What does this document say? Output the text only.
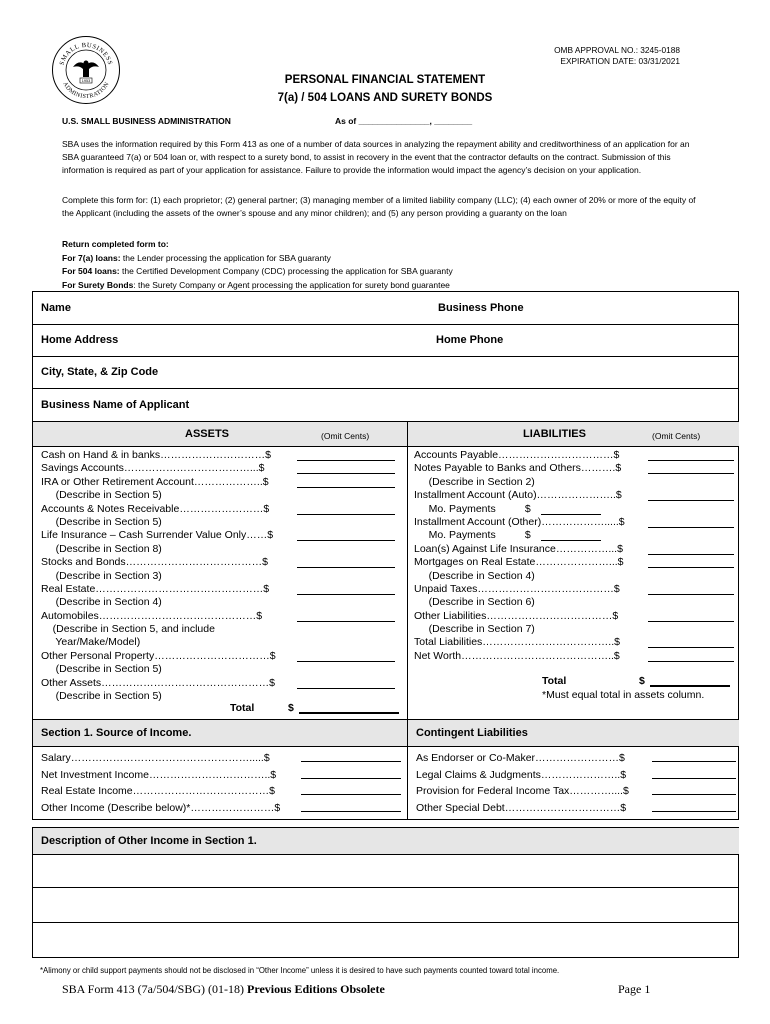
SMALL BUSINESS
ADMINISTRATION
1953
OMB APPROVAL NO.: 3245-0188
EXPIRATION DATE: 03/31/2021
PERSONAL FINANCIAL STATEMENT
7(a) / 504 LOANS AND SURETY BONDS
U.S. SMALL BUSINESS ADMINISTRATION	As of _______________, ________
SBA uses the information required by this Form 413 as one of a number of data sources in analyzing the repayment ability and creditworthiness of an application for an SBA guaranteed 7(a) or 504 loan or, with respect to a surety bond, to assist in recovery in the event that the contractor defaults on the contract. Submission of this information is required as part of your application for assistance. Failure to provide the information would impact the agency’s decision on your application.
Complete this form for: (1) each proprietor; (2) general partner; (3) managing member of a limited liability company (LLC); (4) each owner of 20% or more of the equity of the Applicant (including the assets of the owner’s spouse and any minor children); and (5) any person providing a guaranty on the loan
Return completed form to:
For 7(a) loans: the Lender processing the application for SBA guaranty
For 504 loans: the Certified Development Company (CDC) processing the application for SBA guaranty
For Surety Bonds: the Surety Company or Agent processing the application for surety bond guarantee
Name	Business Phone
Home Address	Home Phone
City, State, & Zip Code
Business Name of Applicant
ASSETS	(Omit Cents)	LIABILITIES	(Omit Cents)
Cash on Hand & in banks…………………………$
Savings Accounts………………………………...$
IRA or Other Retirement Account………………..$
(Describe in Section 5)
Accounts & Notes Receivable……………………$
(Describe in Section 5)
Life Insurance – Cash Surrender Value Only……$
(Describe in Section 8)
Stocks and Bonds…………………………………$
(Describe in Section 3)
Real Estate…………………………………………$
(Describe in Section 4)
Automobiles………………………………………$
(Describe in Section 5, and include
Year/Make/Model)
Other Personal Property……………………………$
(Describe in Section 5)
Other Assets…………………………………………$
(Describe in Section 5)
Accounts Payable……………………………$
Notes Payable to Banks and Others……….$
(Describe in Section 2)
Installment Account (Auto)…………………..$
Mo. Payments          $
Installment Account (Other)……………….....$
Mo. Payments          $
Loan(s) Against Life Insurance……………...$
Mortgages on Real Estate…………………...$
(Describe in Section 4)
Unpaid Taxes…………………………………$
(Describe in Section 6)
Other Liabilities………………………………$
(Describe in Section 7)
Total Liabilities………………………………..$
Net Worth……………………………………..$
Total	$
Total	$
*Must equal total in assets column.
Section 1. Source of Income.	Contingent Liabilities
Salary…………………………………………….....$
Net Investment Income……………………………..$
Real Estate Income…………………………………$
Other Income (Describe below)*……………………$
As Endorser or Co-Maker……………………$
Legal Claims & Judgments…………………..$
Provision for Federal Income Tax…………....$
Other Special Debt……………………………$
Description of Other Income in Section 1.
*Alimony or child support payments should not be disclosed in “Other Income” unless it is desired to have such payments counted toward total income.
SBA Form 413 (7a/504/SBG) (01-18) Previous Editions Obsolete	Page 1
